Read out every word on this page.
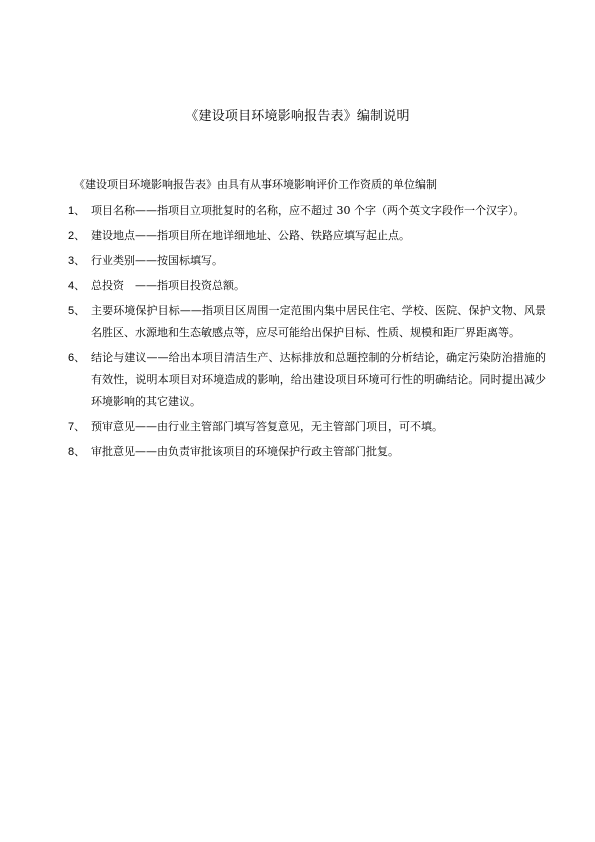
《建设项目环境影响报告表》编制说明
《建设项目环境影响报告表》由具有从事环境影响评价工作资质的单位编制
1、 项目名称——指项目立项批复时的名称，应不超过 30 个字（两个英文字段作一个汉字）。
2、 建设地点——指项目所在地详细地址、公路、铁路应填写起止点。
3、 行业类别——按国标填写。
4、 总投资　——指项目投资总额。
5、 主要环境保护目标——指项目区周围一定范围内集中居民住宅、学校、医院、保护文物、风景名胜区、水源地和生态敏感点等，应尽可能给出保护目标、性质、规模和距厂界距离等。
6、 结论与建议——给出本项目清洁生产、达标排放和总题控制的分析结论，确定污染防治措施的有效性，说明本项目对环境造成的影响，给出建设项目环境可行性的明确结论。同时提出减少环境影响的其它建议。
7、 预审意见——由行业主管部门填写答复意见，无主管部门项目，可不填。
8、 审批意见——由负责审批该项目的环境保护行政主管部门批复。
